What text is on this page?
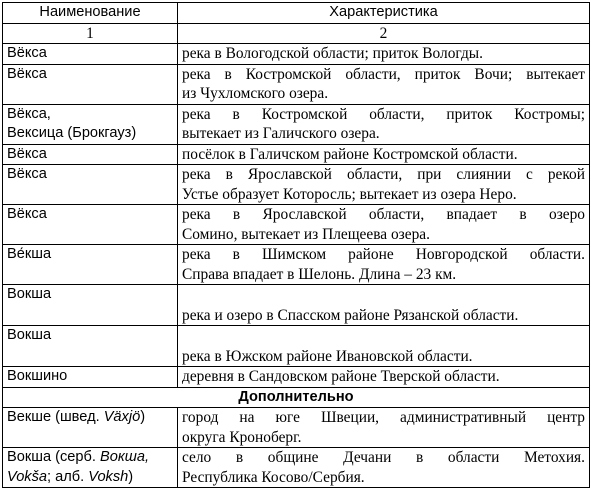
Наименование	Характеристика
1	2

Вёкса	река в Вологодской области; приток Вологды.

Вёкса	река в Костромской области, приток Вочи; вытекает
из Чухломского озера.

Вёкса,
Вексица (Брокгауз)	река в Костромской области, приток Костромы;
вытекает из Галичского озера.

Вёкса	посёлок в Галичском районе Костромской области.

Вёкса	река в Ярославской области, при слиянии с рекой
Устье образует Которосль; вытекает из озера Неро.

Вёкса	река в Ярославской области, впадает в озеро
Сомино, вытекает из Плещеева озера.

Ве́кша	река в Шимском районе Новгородской области.
Справа впадает в Шелонь. Длина – 23 км.

Вокша	река и озеро в Спасском районе Рязанской области.

Вокша	река в Южском районе Ивановской области.

Вокшино	деревня в Сандовском районе Тверской области.

Дополнительно	

Векше (швед. Växjö)	город на юге Швеции, административный центр
округа Кроноберг.

Вокша (серб. Вокша,
Vokša; алб. Voksh)	село в общине Дечани в области Метохия.
Республика Косово/Сербия.
